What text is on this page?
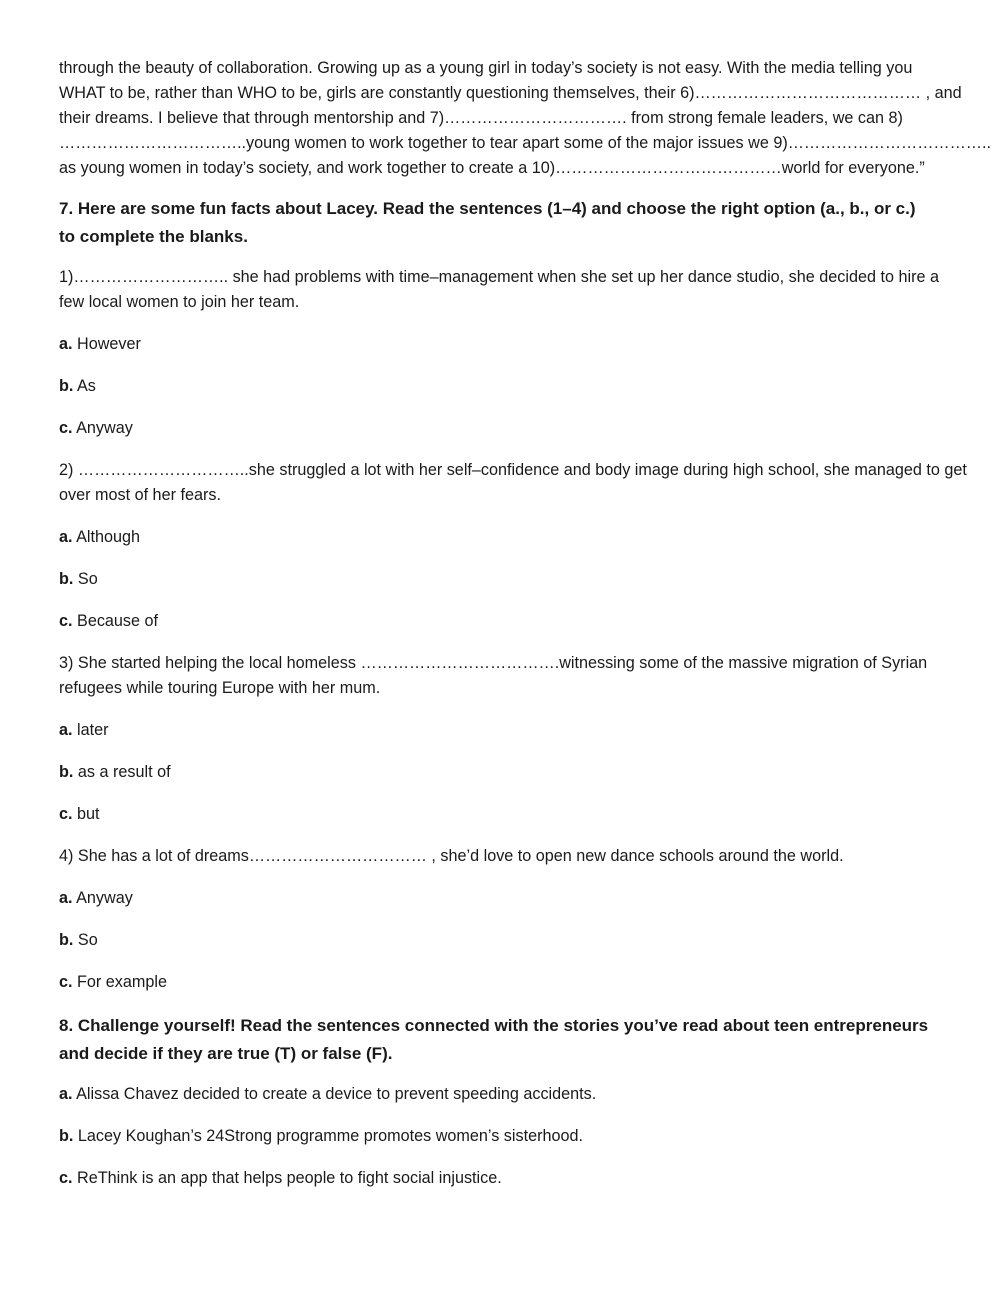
through the beauty of collaboration. Growing up as a young girl in today’s society is not easy. With the media telling you
WHAT to be, rather than WHO to be, girls are constantly questioning themselves, their 6)…………………………………… , and
their dreams. I believe that through mentorship and 7)……………………………. from strong female leaders, we can 8)
……………………………..young women to work together to tear apart some of the major issues we 9)………………………………..
as young women in today’s society, and work together to create a 10)……………………………………world for everyone.”
7. Here are some fun facts about Lacey. Read the sentences (1–4) and choose the right option (a., b., or c.)
to complete the blanks.
1)……………………….. she had problems with time–management when she set up her dance studio, she decided to hire a
few local women to join her team.
a. However
b. As
c. Anyway
2) …………………………..she struggled a lot with her self–confidence and body image during high school, she managed to get
over most of her fears.
a. Although
b. So
c. Because of
3) She started helping the local homeless ……………………………….witnessing some of the massive migration of Syrian
refugees while touring Europe with her mum.
a. later
b. as a result of
c. but
4) She has a lot of dreams…………………………… , she’d love to open new dance schools around the world.
a. Anyway
b. So
c. For example
8. Challenge yourself! Read the sentences connected with the stories you’ve read about teen entrepreneurs
and decide if they are true (T) or false (F).
a. Alissa Chavez decided to create a device to prevent speeding accidents.
b. Lacey Koughan’s 24Strong programme promotes women’s sisterhood.
c. ReThink is an app that helps people to fight social injustice.
